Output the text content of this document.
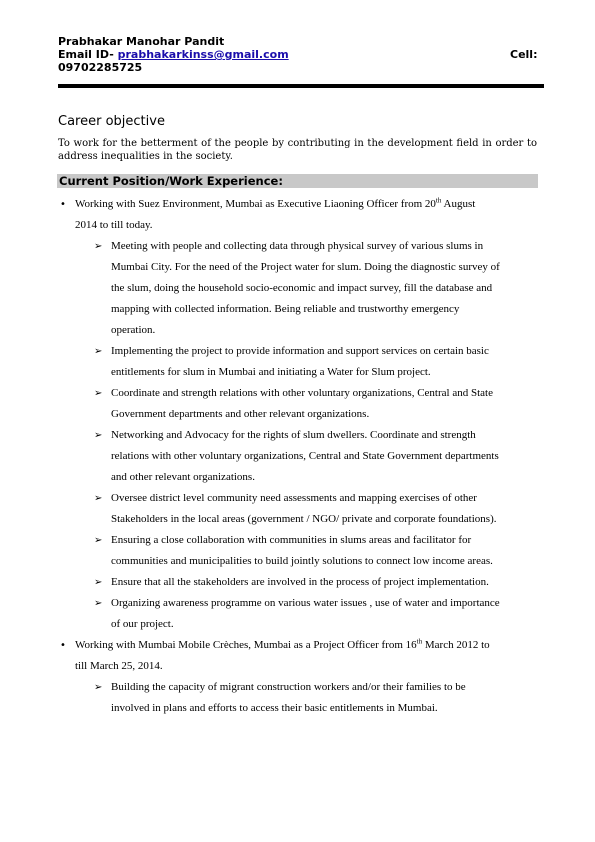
Prabhakar Manohar Pandit
Email ID- prabhakarkinss@gmail.com	Cell:
09702285725
Career objective
To work for the betterment of the people by contributing in the development field in order to address inequalities in the society.
Current Position/Work Experience:
• Working with Suez Environment, Mumbai as Executive Liaoning Officer from 20th August
2014 to till today.
➢ Meeting with people and collecting data through physical survey of various slums in
Mumbai City. For the need of the Project water for slum. Doing the diagnostic survey of
the slum, doing the household socio-economic and impact survey, fill the database and
mapping with collected information. Being reliable and trustworthy emergency
operation.
➢ Implementing the project to provide information and support services on certain basic
entitlements for slum in Mumbai and initiating a Water for Slum project.
➢ Coordinate and strength relations with other voluntary organizations, Central and State
Government departments and other relevant organizations.
➢ Networking and Advocacy for the rights of slum dwellers. Coordinate and strength
relations with other voluntary organizations, Central and State Government departments
and other relevant organizations.
➢ Oversee district level community need assessments and mapping exercises of other
Stakeholders in the local areas (government / NGO/ private and corporate foundations).
➢ Ensuring a close collaboration with communities in slums areas and facilitator for
communities and municipalities to build jointly solutions to connect low income areas.
➢ Ensure that all the stakeholders are involved in the process of project implementation.
➢ Organizing awareness programme on various water issues , use of water and importance
of our project.
• Working with Mumbai Mobile Crèches, Mumbai as a Project Officer from 16th March 2012 to
till March 25, 2014.
➢ Building the capacity of migrant construction workers and/or their families to be
involved in plans and efforts to access their basic entitlements in Mumbai.
